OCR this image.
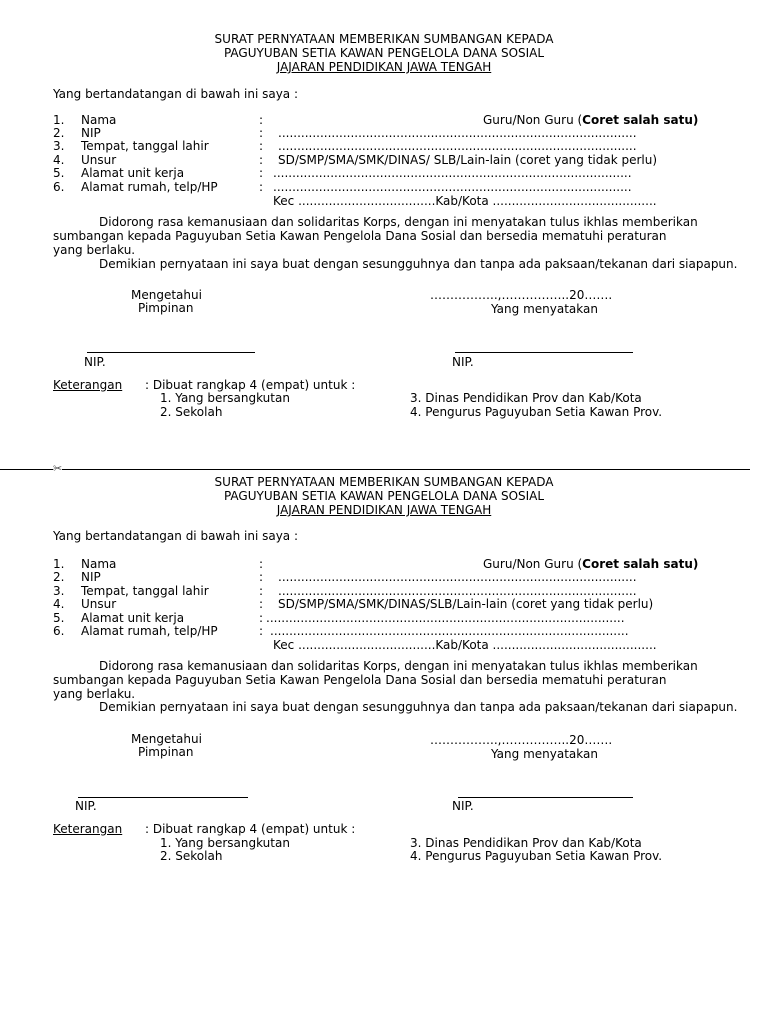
SURAT PERNYATAAN MEMBERIKAN SUMBANGAN KEPADA
PAGUYUBAN SETIA KAWAN PENGELOLA DANA SOSIAL
JAJARAN PENDIDIKAN JAWA TENGAH
Yang bertandatangan di bawah ini saya :
1. Nama	:	Guru/Non Guru (Coret salah satu)
2. NIP	: ..............................................................................................
3. Tempat, tanggal lahir	: ..............................................................................................
4. Unsur	: SD/SMP/SMA/SMK/DINAS/ SLB/Lain-lain (coret yang tidak perlu)
5. Alamat unit kerja	: ..............................................................................................
6. Alamat rumah, telp/HP	: ..............................................................................................
Kec ....................................Kab/Kota ...........................................
Didorong rasa kemanusiaan dan solidaritas Korps, dengan ini menyatakan tulus ikhlas memberikan sumbangan kepada Paguyuban Setia Kawan Pengelola Dana Sosial dan bersedia mematuhi peraturan yang berlaku.
Demikian pernyataan ini saya buat dengan sesungguhnya dan tanpa ada paksaan/tekanan dari siapapun.
Mengetahui
Pimpinan
……………..,……………..20…….
Yang menyatakan
NIP.	NIP.
Keterangan : Dibuat rangkap 4 (empat) untuk :
1. Yang bersangkutan
2. Sekolah
3. Dinas Pendidikan Prov dan Kab/Kota
4. Pengurus Paguyuban Setia Kawan Prov.
✂
SURAT PERNYATAAN MEMBERIKAN SUMBANGAN KEPADA
PAGUYUBAN SETIA KAWAN PENGELOLA DANA SOSIAL
JAJARAN PENDIDIKAN JAWA TENGAH
Yang bertandatangan di bawah ini saya :
1. Nama	:	Guru/Non Guru (Coret salah satu)
2. NIP	: ..............................................................................................
3. Tempat, tanggal lahir	: ..............................................................................................
4. Unsur	: SD/SMP/SMA/SMK/DINAS/SLB/Lain-lain (coret yang tidak perlu)
5. Alamat unit kerja	: ..............................................................................................
6. Alamat rumah, telp/HP	: ..............................................................................................
Kec ....................................Kab/Kota ...........................................
Didorong rasa kemanusiaan dan solidaritas Korps, dengan ini menyatakan tulus ikhlas memberikan sumbangan kepada Paguyuban Setia Kawan Pengelola Dana Sosial dan bersedia mematuhi peraturan yang berlaku.
Demikian pernyataan ini saya buat dengan sesungguhnya dan tanpa ada paksaan/tekanan dari siapapun.
Mengetahui
Pimpinan
……………..,……………..20…….
Yang menyatakan
NIP.	NIP.
Keterangan : Dibuat rangkap 4 (empat) untuk :
1. Yang bersangkutan
2. Sekolah
3. Dinas Pendidikan Prov dan Kab/Kota
4. Pengurus Paguyuban Setia Kawan Prov.
